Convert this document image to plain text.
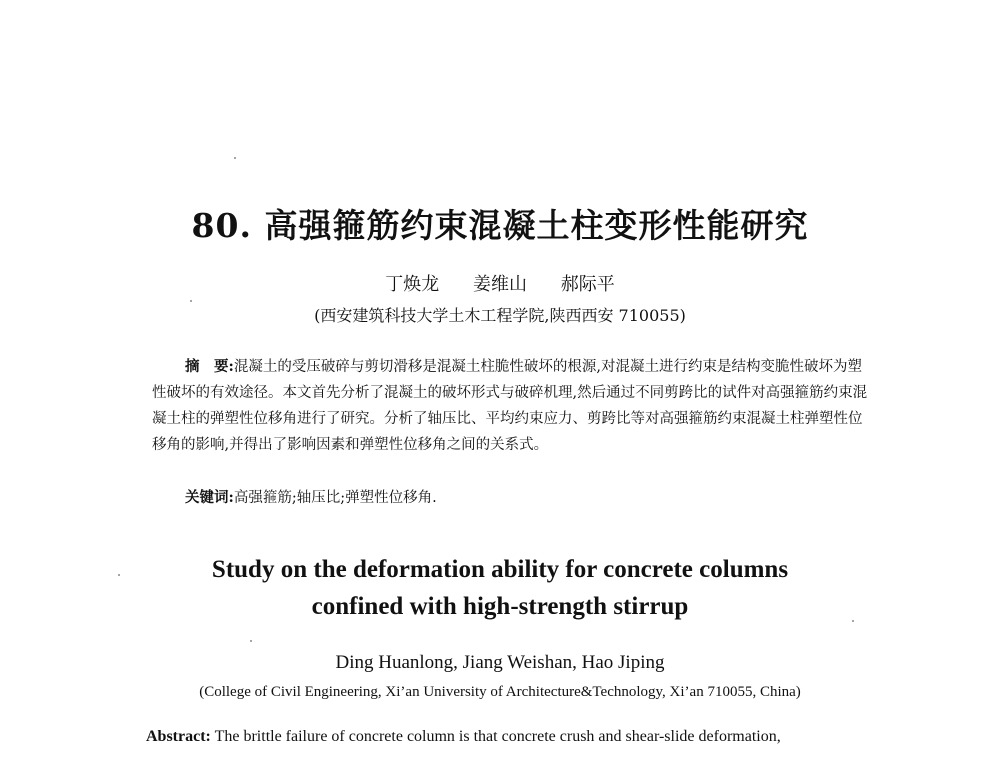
80. 高强箍筋约束混凝土柱变形性能研究
丁焕龙 姜维山 郝际平
(西安建筑科技大学土木工程学院,陕西西安 710055)
摘　要:混凝土的受压破碎与剪切滑移是混凝土柱脆性破坏的根源,对混凝土进行约束是结构变脆性破坏为塑性破坏的有效途径。本文首先分析了混凝土的破坏形式与破碎机理,然后通过不同剪跨比的试件对高强箍筋约束混凝土柱的弹塑性位移角进行了研究。分析了轴压比、平均约束应力、剪跨比等对高强箍筋约束混凝土柱弹塑性位移角的影响,并得出了影响因素和弹塑性位移角之间的关系式。
关键词:高强箍筋;轴压比;弹塑性位移角.
Study on the deformation ability for concrete columns
confined with high-strength stirrup
Ding Huanlong, Jiang Weishan, Hao Jiping
(College of Civil Engineering, Xi’an University of Architecture&Technology, Xi’an 710055, China)
Abstract: The brittle failure of concrete column is that concrete crush and shear-slide deformation,
